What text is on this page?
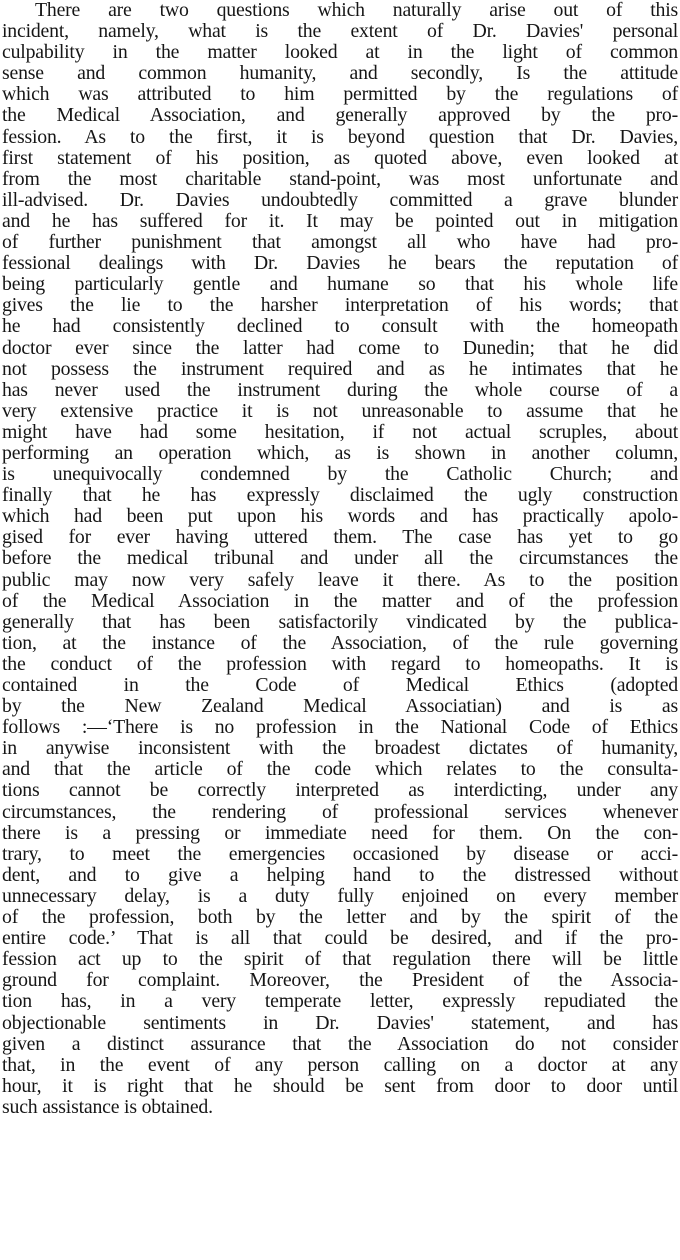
There are two questions which naturally arise out of this
incident, namely, what is the extent of Dr. Davies' personal
culpability in the matter looked at in the light of common
sense and common humanity, and secondly, Is the attitude
which was attributed to him permitted by the regulations of
the Medical Association, and generally approved by the pro-
fession. As to the first, it is beyond question that Dr. Davies,
first statement of his position, as quoted above, even looked at
from the most charitable stand-point, was most unfortunate and
ill-advised. Dr. Davies undoubtedly committed a grave blunder
and he has suffered for it. It may be pointed out in mitigation
of further punishment that amongst all who have had pro-
fessional dealings with Dr. Davies he bears the reputation of
being particularly gentle and humane so that his whole life
gives the lie to the harsher interpretation of his words; that
he had consistently declined to consult with the homeopath
doctor ever since the latter had come to Dunedin; that he did
not possess the instrument required and as he intimates that he
has never used the instrument during the whole course of a
very extensive practice it is not unreasonable to assume that he
might have had some hesitation, if not actual scruples, about
performing an operation which, as is shown in another column,
is unequivocally condemned by the Catholic Church; and
finally that he has expressly disclaimed the ugly construction
which had been put upon his words and has practically apolo-
gised for ever having uttered them. The case has yet to go
before the medical tribunal and under all the circumstances the
public may now very safely leave it there. As to the position
of the Medical Association in the matter and of the profession
generally that has been satisfactorily vindicated by the publica-
tion, at the instance of the Association, of the rule governing
the conduct of the profession with regard to homeopaths. It is
contained in the Code of Medical Ethics (adopted
by the New Zealand Medical Associatian) and is as
follows :—‘There is no profession in the National Code of Ethics
in anywise inconsistent with the broadest dictates of humanity,
and that the article of the code which relates to the consulta-
tions cannot be correctly interpreted as interdicting, under any
circumstances, the rendering of professional services whenever
there is a pressing or immediate need for them. On the con-
trary, to meet the emergencies occasioned by disease or acci-
dent, and to give a helping hand to the distressed without
unnecessary delay, is a duty fully enjoined on every member
of the profession, both by the letter and by the spirit of the
entire code.’ That is all that could be desired, and if the pro-
fession act up to the spirit of that regulation there will be little
ground for complaint. Moreover, the President of the Associa-
tion has, in a very temperate letter, expressly repudiated the
objectionable sentiments in Dr. Davies' statement, and has
given a distinct assurance that the Association do not consider
that, in the event of any person calling on a doctor at any
hour, it is right that he should be sent from door to door until
such assistance is obtained.
